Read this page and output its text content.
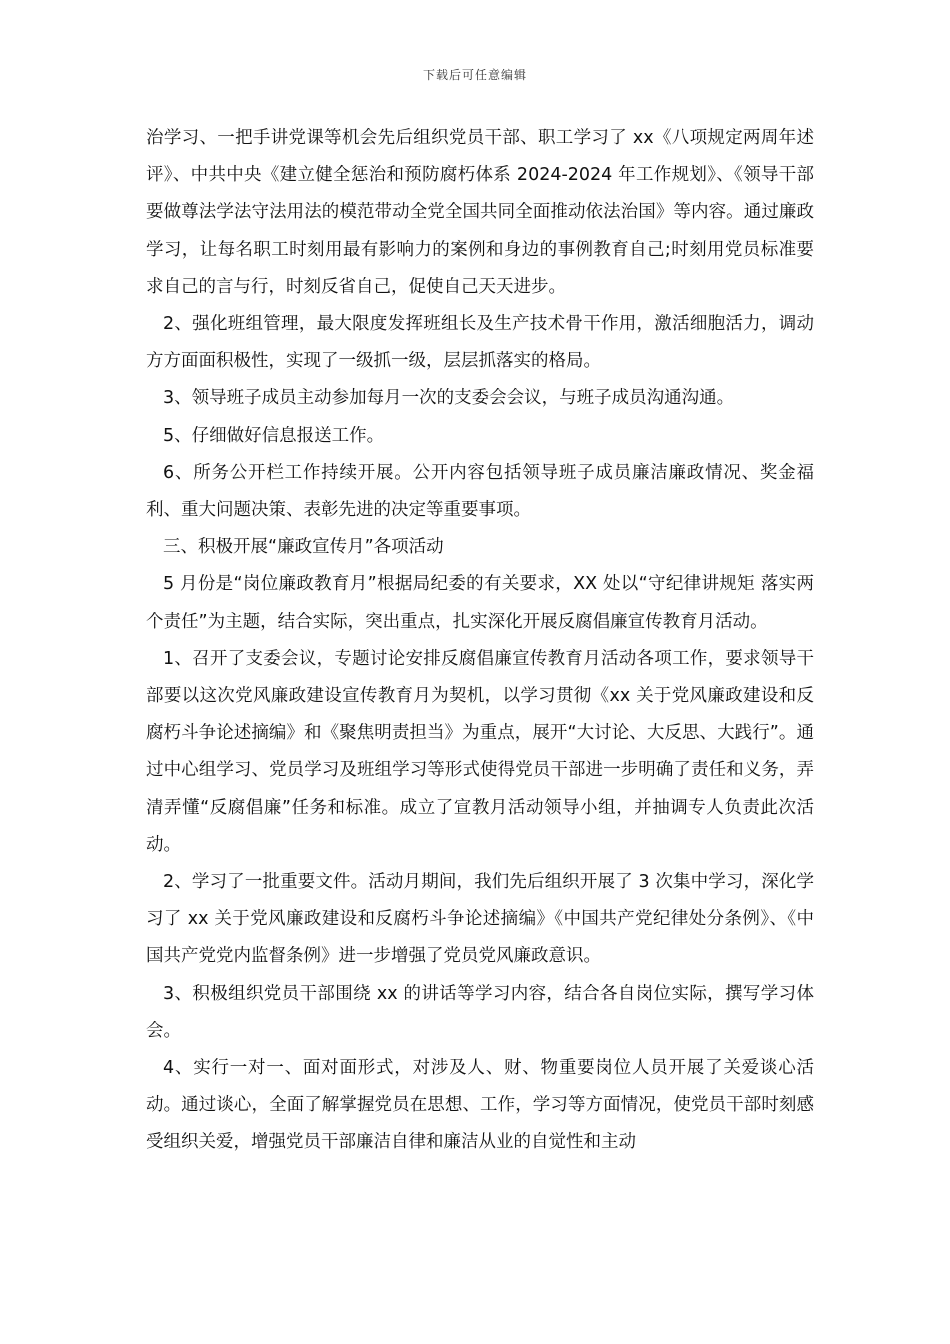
下载后可任意编辑

治学习、一把手讲党课等机会先后组织党员干部、职工学习了 xx《八项规定两周年述评》、中共中央《建立健全惩治和预防腐朽体系 2024-2024 年工作规划》、《领导干部要做尊法学法守法用法的模范带动全党全国共同全面推动依法治国》等内容。通过廉政学习，让每名职工时刻用最有影响力的案例和身边的事例教育自己;时刻用党员标准要求自己的言与行，时刻反省自己，促使自己天天进步。

2、强化班组管理，最大限度发挥班组长及生产技术骨干作用，激活细胞活力，调动方方面面积极性，实现了一级抓一级，层层抓落实的格局。

3、领导班子成员主动参加每月一次的支委会会议，与班子成员沟通沟通。

5、仔细做好信息报送工作。

6、所务公开栏工作持续开展。公开内容包括领导班子成员廉洁廉政情况、奖金福利、重大问题决策、表彰先进的决定等重要事项。

三、积极开展“廉政宣传月”各项活动

5 月份是“岗位廉政教育月”根据局纪委的有关要求，XX 处以“守纪律讲规矩 落实两个责任”为主题，结合实际，突出重点，扎实深化开展反腐倡廉宣传教育月活动。

1、召开了支委会议，专题讨论安排反腐倡廉宣传教育月活动各项工作，要求领导干部要以这次党风廉政建设宣传教育月为契机，以学习贯彻《xx 关于党风廉政建设和反腐朽斗争论述摘编》和《聚焦明责担当》为重点，展开“大讨论、大反思、大践行”。通过中心组学习、党员学习及班组学习等形式使得党员干部进一步明确了责任和义务，弄清弄懂“反腐倡廉”任务和标准。成立了宣教月活动领导小组，并抽调专人负责此次活动。

2、学习了一批重要文件。活动月期间，我们先后组织开展了 3 次集中学习，深化学习了 xx 关于党风廉政建设和反腐朽斗争论述摘编》《中国共产党纪律处分条例》、《中国共产党党内监督条例》进一步增强了党员党风廉政意识。

3、积极组织党员干部围绕 xx 的讲话等学习内容，结合各自岗位实际，撰写学习体会。

4、实行一对一、面对面形式，对涉及人、财、物重要岗位人员开展了关爱谈心活动。通过谈心，全面了解掌握党员在思想、工作，学习等方面情况，使党员干部时刻感受组织关爱，增强党员干部廉洁自律和廉洁从业的自觉性和主动
